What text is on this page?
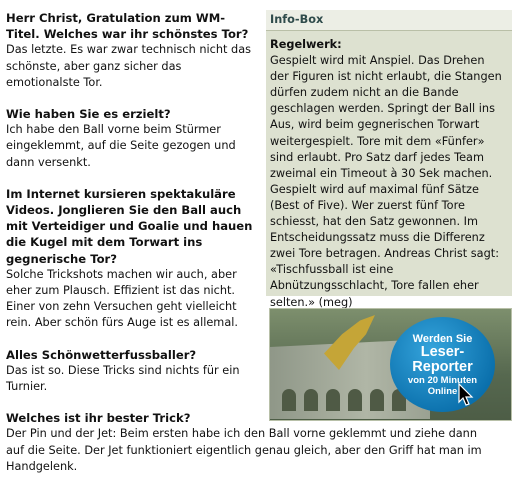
Herr Christ, Gratulation zum WM-Titel. Welches war ihr schönstes Tor?
Das letzte. Es war zwar technisch nicht das schönste, aber ganz sicher das emotionalste Tor.
Wie haben Sie es erzielt?
Ich habe den Ball vorne beim Stürmer eingeklemmt, auf die Seite gezogen und dann versenkt.
Im Internet kursieren spektakuläre Videos. Jonglieren Sie den Ball auch mit Verteidiger und Goalie und hauen die Kugel mit dem Torwart ins gegnerische Tor?
Solche Trickshots machen wir auch, aber eher zum Plausch. Effizient ist das nicht. Einer von zehn Versuchen geht vielleicht rein. Aber schön fürs Auge ist es allemal.
Alles Schönwetterfussballer?
Das ist so. Diese Tricks sind nichts für ein Turnier.
Welches ist ihr bester Trick?
Der Pin und der Jet: Beim ersten habe ich den Ball vorne geklemmt und ziehe dann
auf die Seite. Der Jet funktioniert eigentlich genau gleich, aber den Griff hat man im Handgelenk.
Info-Box
Regelwerk:
Gespielt wird mit Anspiel. Das Drehen der Figuren ist nicht erlaubt, die Stangen dürfen zudem nicht an die Bande geschlagen werden. Springt der Ball ins Aus, wird beim gegnerischen Torwart weitergespielt. Tore mit dem «Fünfer» sind erlaubt. Pro Satz darf jedes Team zweimal ein Timeout à 30 Sek machen. Gespielt wird auf maximal fünf Sätze (Best of Five). Wer zuerst fünf Tore schiesst, hat den Satz gewonnen. Im Entscheidungssatz muss die Differenz zwei Tore betragen. Andreas Christ sagt: «Tischfussball ist eine Abnützungsschlacht, Tore fallen eher selten.» (meg)
Werden Sie
Leser-
Reporter
von 20 Minuten
Online
